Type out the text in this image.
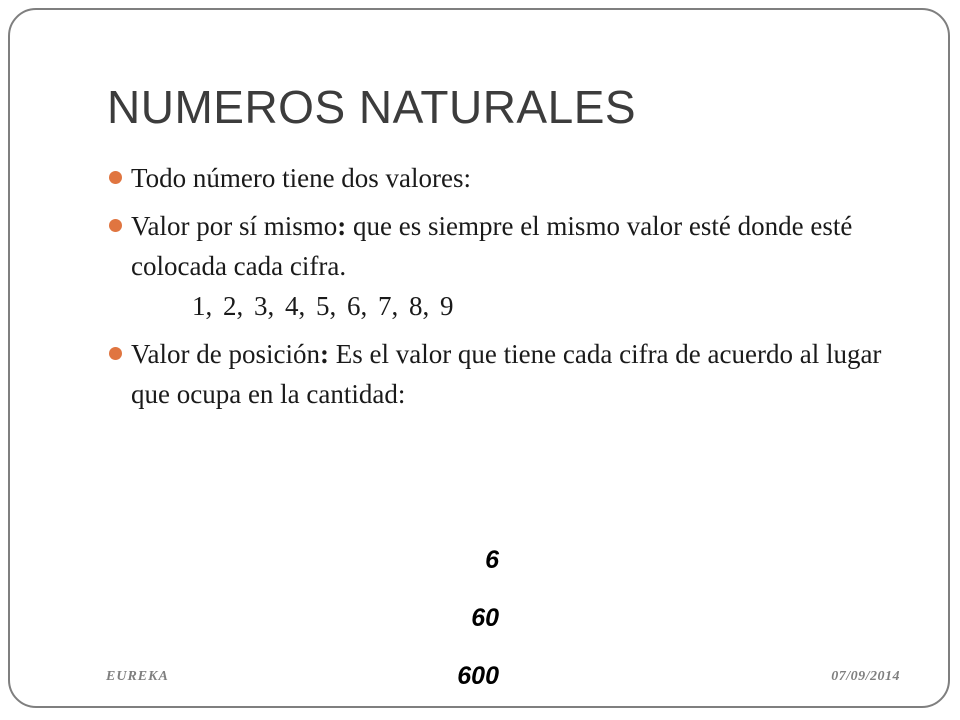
NUMEROS NATURALES
Todo número tiene dos valores:
Valor por sí mismo: que es siempre el mismo valor esté donde esté colocada cada cifra.
1, 2, 3, 4, 5, 6, 7, 8, 9
Valor de posición: Es el valor que tiene cada cifra de acuerdo al lugar que ocupa en la cantidad:
6
60
600
EUREKA	07/09/2014
